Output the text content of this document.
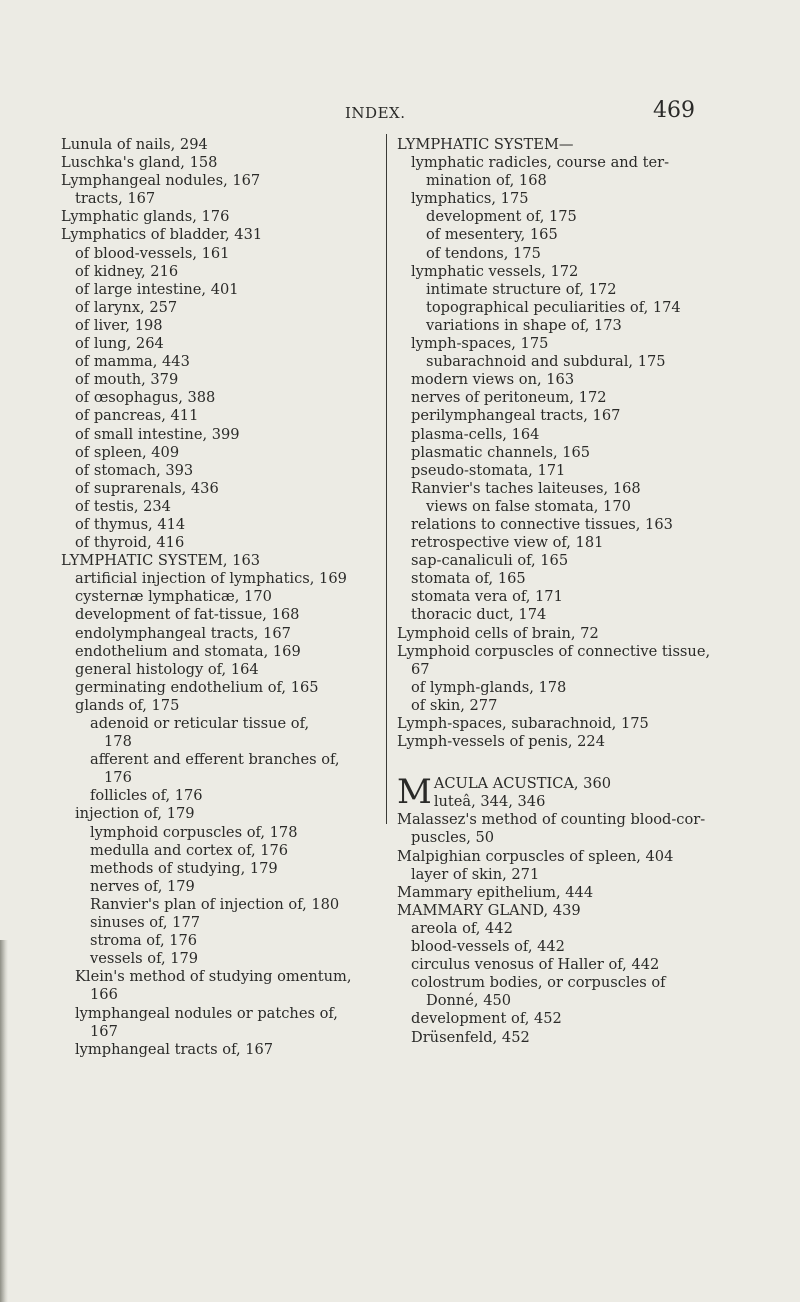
INDEX.	469
Lunula of nails, 294
Luschka's gland, 158
Lymphangeal nodules, 167
tracts, 167
Lymphatic glands, 176
Lymphatics of bladder, 431
of blood-vessels, 161
of kidney, 216
of large intestine, 401
of larynx, 257
of liver, 198
of lung, 264
of mamma, 443
of mouth, 379
of œsophagus, 388
of pancreas, 411
of small intestine, 399
of spleen, 409
of stomach, 393
of suprarenals, 436
of testis, 234
of thymus, 414
of thyroid, 416
LYMPHATIC SYSTEM, 163
artificial injection of lymphatics, 169
cysternæ lymphaticæ, 170
development of fat-tissue, 168
endolymphangeal tracts, 167
endothelium and stomata, 169
general histology of, 164
germinating endothelium of, 165
glands of, 175
adenoid or reticular tissue of,
178
afferent and efferent branches of,
176
follicles of, 176
injection of, 179
lymphoid corpuscles of, 178
medulla and cortex of, 176
methods of studying, 179
nerves of, 179
Ranvier's plan of injection of, 180
sinuses of, 177
stroma of, 176
vessels of, 179
Klein's method of studying omentum,
166
lymphangeal nodules or patches of,
167
lymphangeal tracts of, 167
LYMPHATIC SYSTEM—
lymphatic radicles, course and ter-
mination of, 168
lymphatics, 175
development of, 175
of mesentery, 165
of tendons, 175
lymphatic vessels, 172
intimate structure of, 172
topographical peculiarities of, 174
variations in shape of, 173
lymph-spaces, 175
subarachnoid and subdural, 175
modern views on, 163
nerves of peritoneum, 172
perilymphangeal tracts, 167
plasma-cells, 164
plasmatic channels, 165
pseudo-stomata, 171
Ranvier's taches laiteuses, 168
views on false stomata, 170
relations to connective tissues, 163
retrospective view of, 181
sap-canaliculi of, 165
stomata of, 165
stomata vera of, 171
thoracic duct, 174
Lymphoid cells of brain, 72
Lymphoid corpuscles of connective tissue,
67
of lymph-glands, 178
of skin, 277
Lymph-spaces, subarachnoid, 175
Lymph-vessels of penis, 224
M ACULA ACUSTICA, 360
luteâ, 344, 346
Malassez's method of counting blood-cor-
puscles, 50
Malpighian corpuscles of spleen, 404
layer of skin, 271
Mammary epithelium, 444
MAMMARY GLAND, 439
areola of, 442
blood-vessels of, 442
circulus venosus of Haller of, 442
colostrum bodies, or corpuscles of
Donné, 450
development of, 452
Drüsenfeld, 452
